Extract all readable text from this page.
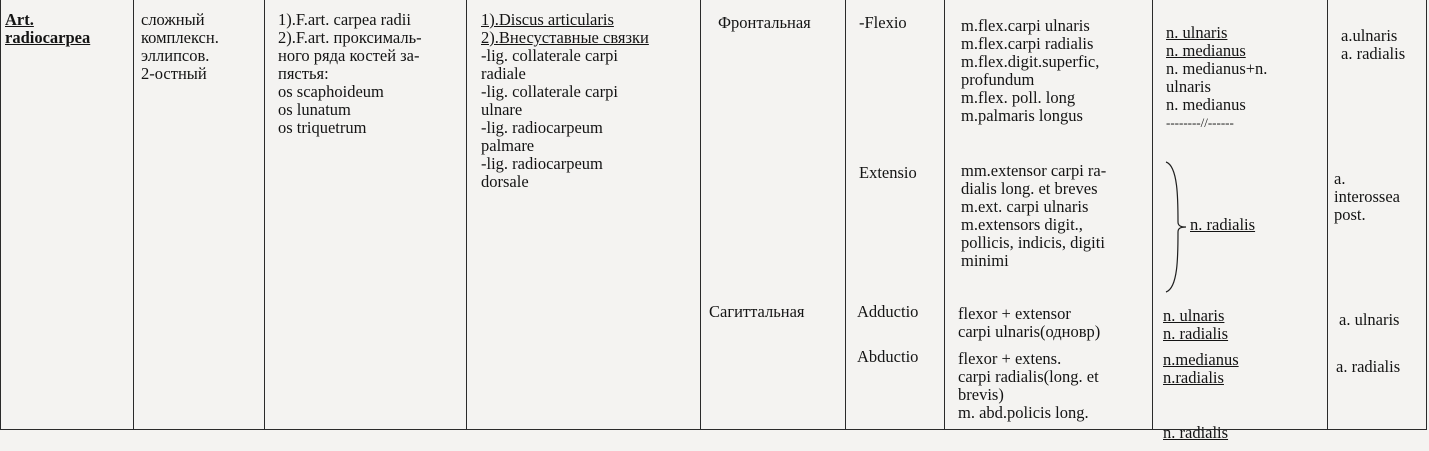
Art.
radiocarpea
сложный
комплексн.
эллипсов.
2-остный
1).F.art. carpea radii
2).F.art. проксималь-
ного ряда костей за-
пястья:
os scaphoideum
os lunatum
os triquetrum
1).Discus articularis
2).Внесуставные связки
-lig. collaterale carpi
radiale
-lig. collaterale carpi
ulnare
-lig. radiocarpeum
palmare
-lig. radiocarpeum
dorsale
Фронтальная
Сагиттальная
-Flexio
Extensio
Adductio
Abductio
m.flex.carpi ulnaris
m.flex.carpi radialis
m.flex.digit.superfic,
profundum
m.flex. poll. long
m.palmaris longus
mm.extensor carpi ra-
dialis long. et breves
m.ext. carpi ulnaris
m.extensors digit.,
pollicis, indicis, digiti
minimi
flexor + extensor
carpi ulnaris(одновр)
flexor + extens.
carpi radialis(long. et
brevis)
m. abd.policis long.
n. ulnaris
n. medianus
n. medianus+n.
ulnaris
n. medianus
--------//------
n. radialis
n. ulnaris
n. radialis
n.medianus
n.radialis
n. radialis
a.ulnaris
a. radialis
a.
interossea
post.
a. ulnaris
a. radialis
